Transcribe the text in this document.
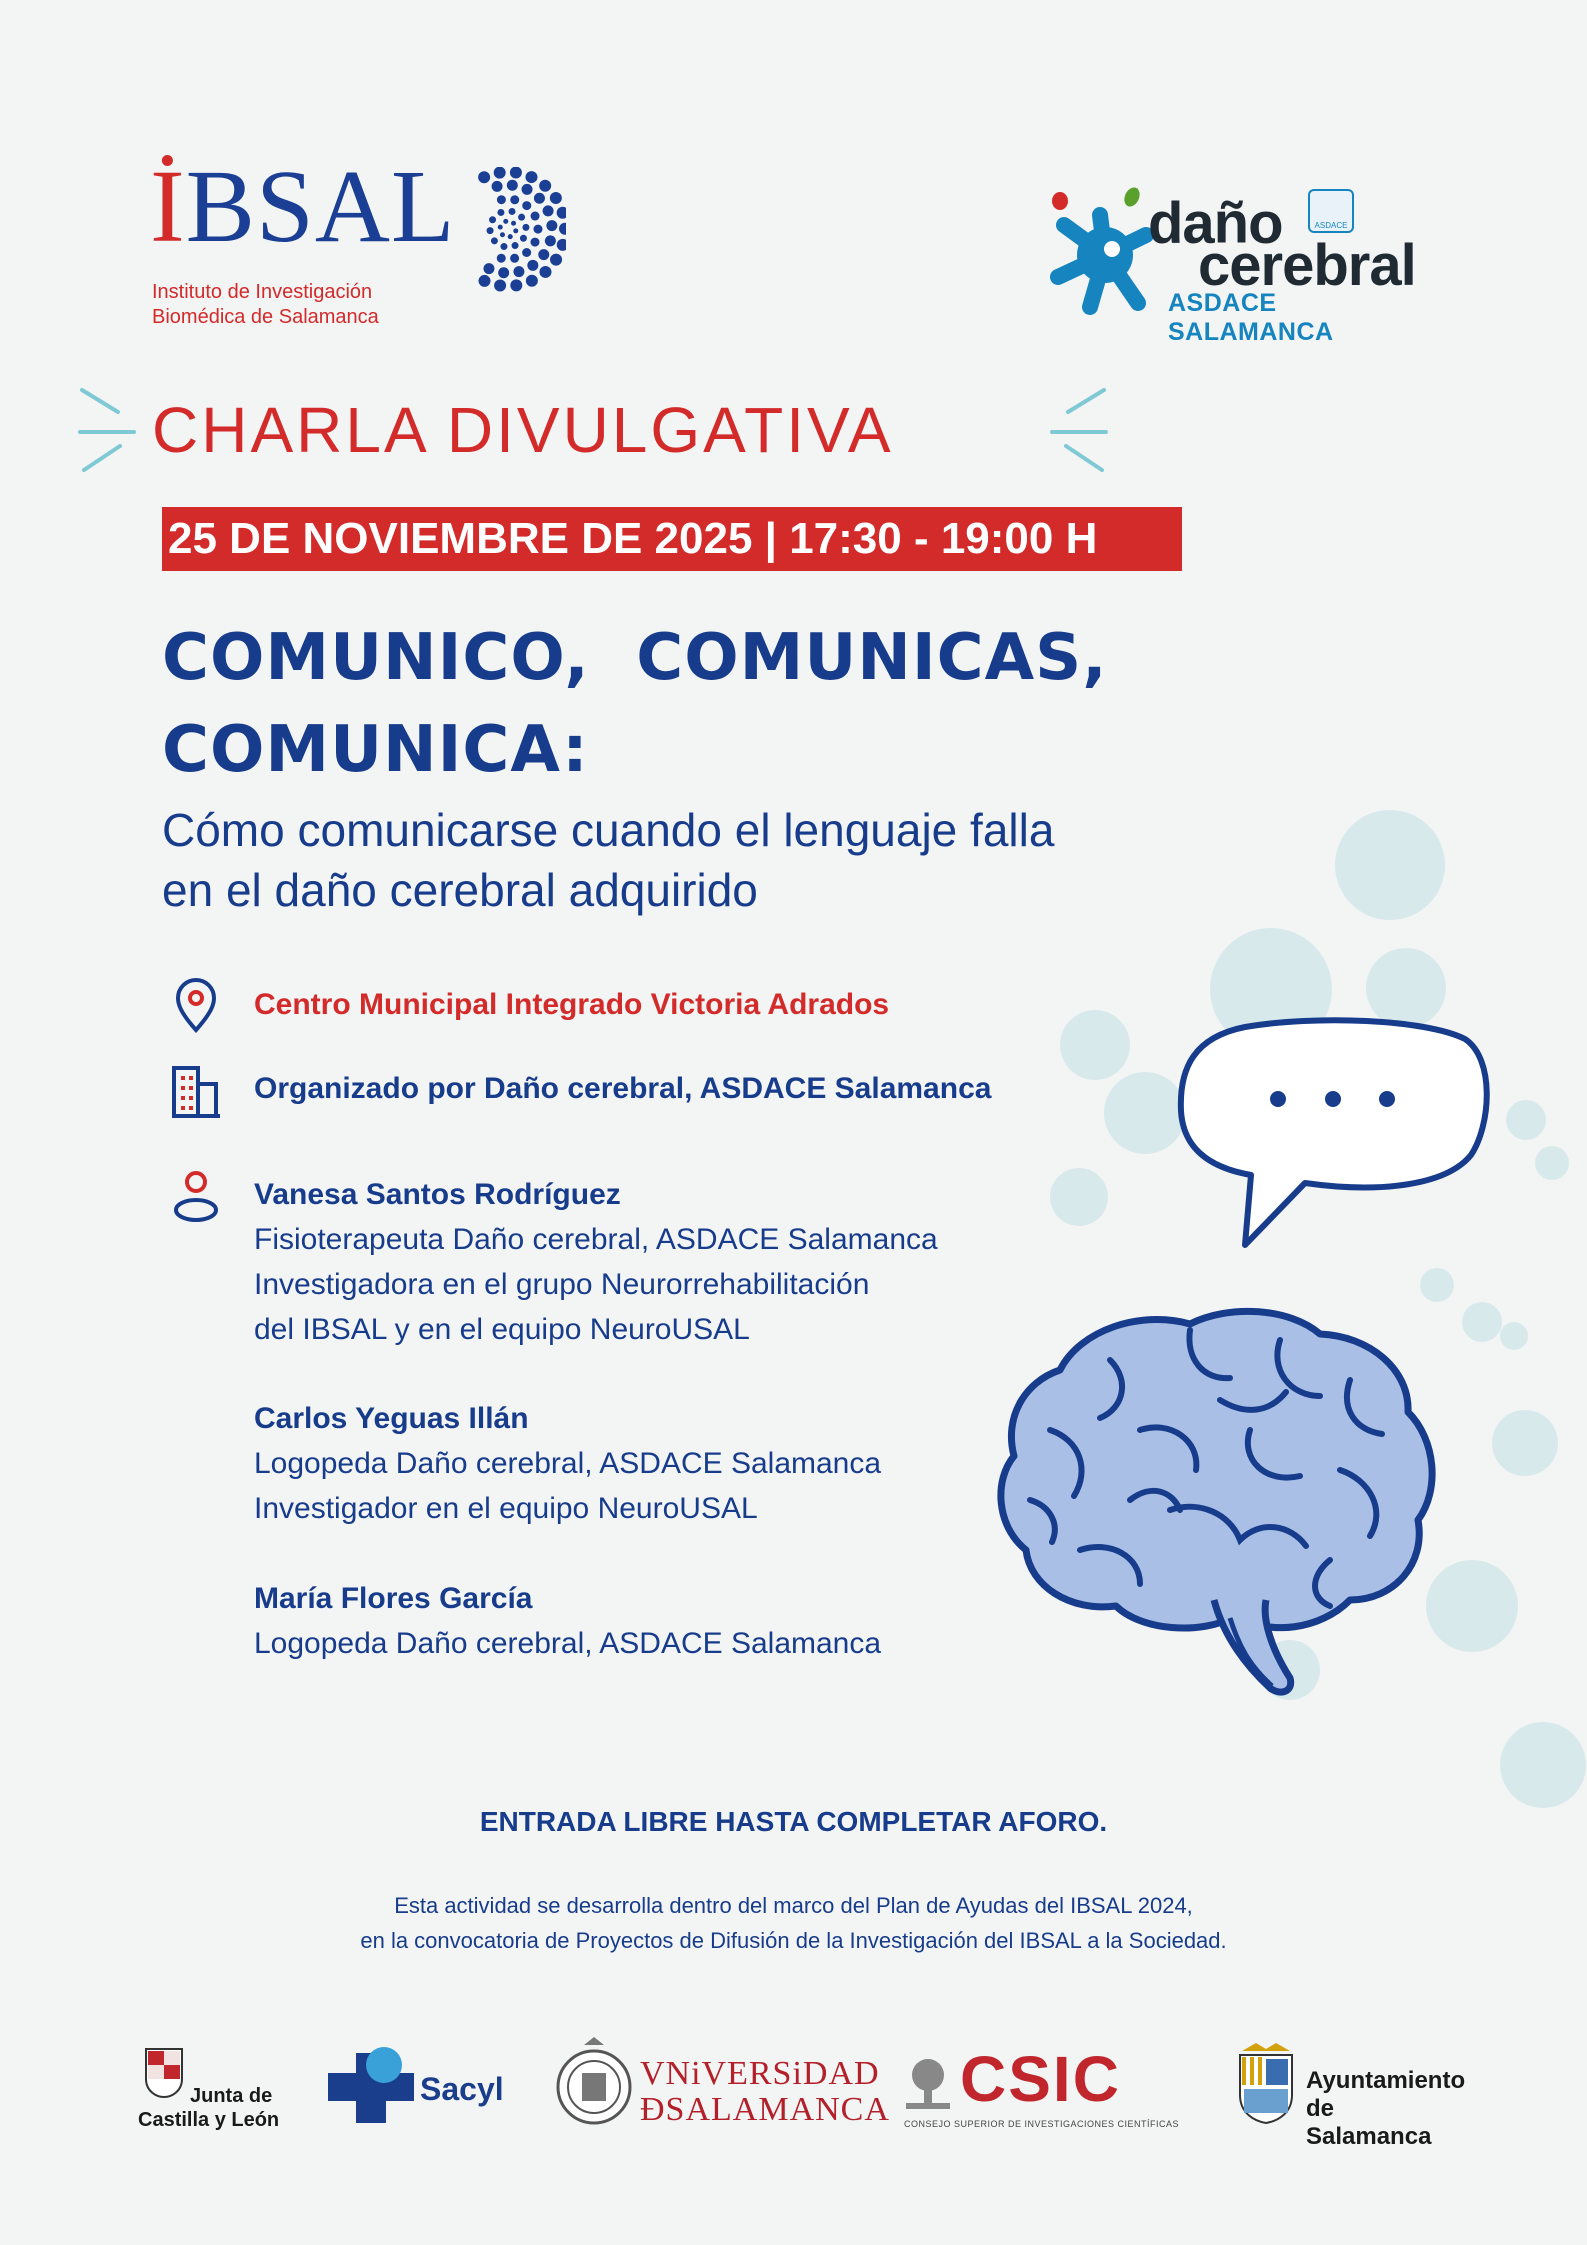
İBSAL
Instituto de Investigación
Biomédica de Salamanca
daño	ASDACE
cerebral
ASDACE SALAMANCA
CHARLA DIVULGATIVA
25 DE NOVIEMBRE DE 2025 | 17:30 - 19:00 H
COMUNICO,  COMUNICAS,
COMUNICA:
Cómo comunicarse cuando el lenguaje falla
en el daño cerebral adquirido
Centro Municipal Integrado Victoria Adrados
Organizado por Daño cerebral, ASDACE Salamanca
Vanesa Santos Rodríguez
Fisioterapeuta Daño cerebral, ASDACE Salamanca
Investigadora en el grupo Neurorrehabilitación
del IBSAL y en el equipo NeuroUSAL
Carlos Yeguas Illán
Logopeda Daño cerebral, ASDACE Salamanca
Investigador en el equipo NeuroUSAL
María Flores García
Logopeda Daño cerebral, ASDACE Salamanca
ENTRADA LIBRE HASTA COMPLETAR AFORO.
Esta actividad se desarrolla dentro del marco del Plan de Ayudas del IBSAL 2024,
en la convocatoria de Proyectos de Difusión de la Investigación del IBSAL a la Sociedad.
Junta de
Castilla y León
Sacyl	VNiVERSiDAD
ÐSALAMANCA CSIC
CONSEJO SUPERIOR DE INVESTIGACIONES CIENTÍFICAS
Ayuntamiento
de Salamanca
